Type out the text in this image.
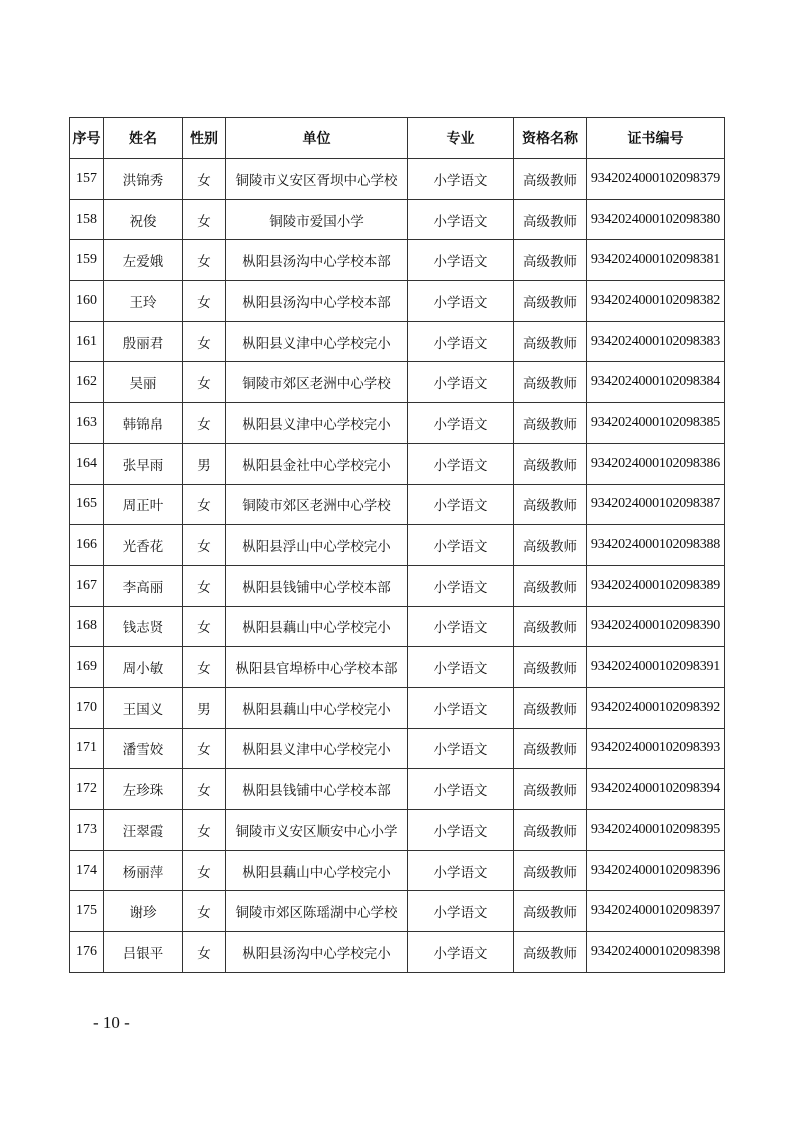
序号	姓名	性别	单位	专业	资格名称	证书编号
157	洪锦秀	女	铜陵市义安区胥坝中心学校	小学语文	高级教师	93420240001020983​79
158	祝俊	女	铜陵市爱国小学	小学语文	高级教师	934202400010209838​0
159	左爱娥	女	枞阳县汤沟中心学校本部	小学语文	高级教师	9342024000102098381
160	王玲	女	枞阳县汤沟中心学校本部	小学语文	高级教师	9342024000102098382
161	殷丽君	女	枞阳县义津中心学校完小	小学语文	高级教师	9342024000102098383
162	吴丽	女	铜陵市郊区老洲中心学校	小学语文	高级教师	9342024000102098384
163	韩锦帛	女	枞阳县义津中心学校完小	小学语文	高级教师	9342024000102098385
164	张早雨	男	枞阳县金社中心学校完小	小学语文	高级教师	9342024000102098386
165	周正叶	女	铜陵市郊区老洲中心学校	小学语文	高级教师	9342024000102098387
166	光香花	女	枞阳县浮山中心学校完小	小学语文	高级教师	9342024000102098388
167	李高丽	女	枞阳县钱铺中心学校本部	小学语文	高级教师	9342024000102098389
168	钱志贤	女	枞阳县藕山中心学校完小	小学语文	高级教师	9342024000102098390
169	周小敏	女	枞阳县官埠桥中心学校本部	小学语文	高级教师	9342024000102098391
170	王国义	男	枞阳县藕山中心学校完小	小学语文	高级教师	9342024000102098392
171	潘雪姣	女	枞阳县义津中心学校完小	小学语文	高级教师	9342024000102098393
172	左珍珠	女	枞阳县钱铺中心学校本部	小学语文	高级教师	9342024000102098394
173	汪翠霞	女	铜陵市义安区顺安中心小学	小学语文	高级教师	9342024000102098395
174	杨丽萍	女	枞阳县藕山中心学校完小	小学语文	高级教师	9342024000102098396
175	谢珍	女	铜陵市郊区陈瑶湖中心学校	小学语文	高级教师	9342024000102098397
176	吕银平	女	枞阳县汤沟中心学校完小	小学语文	高级教师	9342024000102098398
- 10 -
